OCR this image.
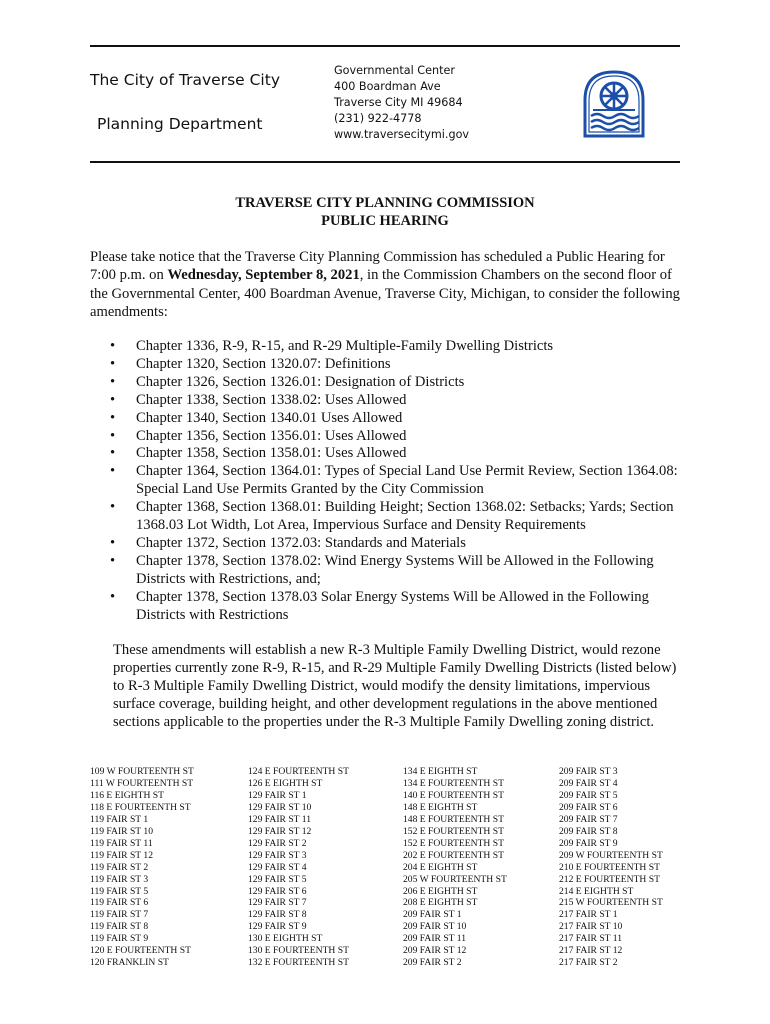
The City of Traverse City
Planning Department
Governmental Center
400 Boardman Ave
Traverse City MI 49684
(231) 922-4778
www.traversecitymi.gov
TRAVERSE CITY PLANNING COMMISSION
PUBLIC HEARING
Please take notice that the Traverse City Planning Commission has scheduled a Public Hearing for 7:00 p.m. on Wednesday, September 8, 2021, in the Commission Chambers on the second floor of the Governmental Center, 400 Boardman Avenue, Traverse City, Michigan, to consider the following amendments:
• Chapter 1336, R-9, R-15, and R-29 Multiple-Family Dwelling Districts
• Chapter 1320, Section 1320.07: Definitions
• Chapter 1326, Section 1326.01: Designation of Districts
• Chapter 1338, Section 1338.02: Uses Allowed
• Chapter 1340, Section 1340.01 Uses Allowed
• Chapter 1356, Section 1356.01: Uses Allowed
• Chapter 1358, Section 1358.01: Uses Allowed
• Chapter 1364, Section 1364.01: Types of Special Land Use Permit Review, Section 1364.08: Special Land Use Permits Granted by the City Commission
• Chapter 1368, Section 1368.01: Building Height; Section 1368.02: Setbacks; Yards; Section 1368.03 Lot Width, Lot Area, Impervious Surface and Density Requirements
• Chapter 1372, Section 1372.03: Standards and Materials
• Chapter 1378, Section 1378.02: Wind Energy Systems Will be Allowed in the Following Districts with Restrictions, and;
• Chapter 1378, Section 1378.03 Solar Energy Systems Will be Allowed in the Following Districts with Restrictions
These amendments will establish a new R-3 Multiple Family Dwelling District, would rezone properties currently zone R-9, R-15, and R-29 Multiple Family Dwelling Districts (listed below) to R-3 Multiple Family Dwelling District, would modify the density limitations, impervious surface coverage, building height, and other development regulations in the above mentioned sections applicable to the properties under the R-3 Multiple Family Dwelling zoning district.
109 W FOURTEENTH ST
111 W FOURTEENTH ST
116 E EIGHTH ST
118 E FOURTEENTH ST
119 FAIR ST 1
119 FAIR ST 10
119 FAIR ST 11
119 FAIR ST 12
119 FAIR ST 2
119 FAIR ST 3
119 FAIR ST 5
119 FAIR ST 6
119 FAIR ST 7
119 FAIR ST 8
119 FAIR ST 9
120 E FOURTEENTH ST
120 FRANKLIN ST
124 E FOURTEENTH ST
126 E EIGHTH ST
129 FAIR ST 1
129 FAIR ST 10
129 FAIR ST 11
129 FAIR ST 12
129 FAIR ST 2
129 FAIR ST 3
129 FAIR ST 4
129 FAIR ST 5
129 FAIR ST 6
129 FAIR ST 7
129 FAIR ST 8
129 FAIR ST 9
130 E EIGHTH ST
130 E FOURTEENTH ST
132 E FOURTEENTH ST
134 E EIGHTH ST
134 E FOURTEENTH ST
140 E FOURTEENTH ST
148 E EIGHTH ST
148 E FOURTEENTH ST
152 E FOURTEENTH ST
152 E FOURTEENTH ST
202 E FOURTEENTH ST
204 E EIGHTH ST
205 W FOURTEENTH ST
206 E EIGHTH ST
208 E EIGHTH ST
209 FAIR ST 1
209 FAIR ST 10
209 FAIR ST 11
209 FAIR ST 12
209 FAIR ST 2
209 FAIR ST 3
209 FAIR ST 4
209 FAIR ST 5
209 FAIR ST 6
209 FAIR ST 7
209 FAIR ST 8
209 FAIR ST 9
209 W FOURTEENTH ST
210 E FOURTEENTH ST
212 E FOURTEENTH ST
214 E EIGHTH ST
215 W FOURTEENTH ST
217 FAIR ST 1
217 FAIR ST 10
217 FAIR ST 11
217 FAIR ST 12
217 FAIR ST 2
